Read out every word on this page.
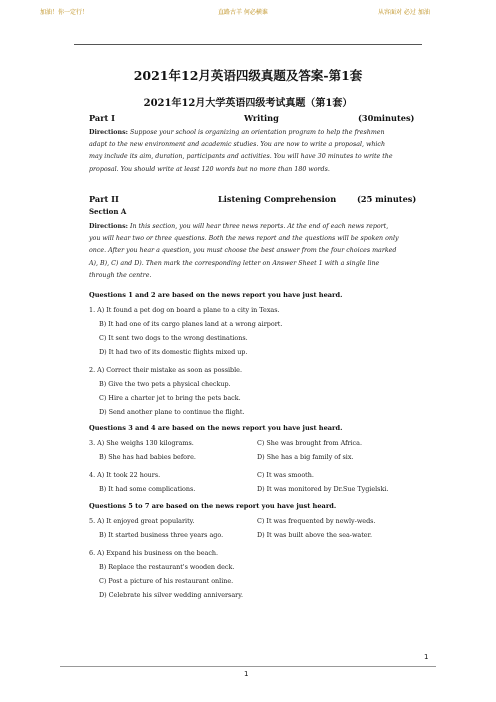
加油！你一定行！	直路古羊 何必横谁	从容面对 必过 加油
2021年12月英语四级真题及答案-第1套
2021年12月大学英语四级考试真题（第1套）
Part I	Writing	(30minutes)
Directions: Suppose your school is organizing an orientation program to help the freshmen
adapt to the new environment and academic studies. You are now to write a proposal, which
may include its aim, duration, participants and activities. You will have 30 minutes to write the
proposal. You should write at least 120 words but no more than 180 words.
Part II	Listening Comprehension	(25 minutes)
Section A
Directions: In this section, you will hear three news reports. At the end of each news report,
you will hear two or three questions. Both the news report and the questions will be spoken only
once. After you hear a question, you must choose the best answer from the four choices marked
A), B), C) and D). Then mark the corresponding letter on Answer Sheet 1 with a single line
through the centre.
Questions 1 and 2 are based on the news report you have just heard.
1. A) It found a pet dog on board a plane to a city in Texas.
B) It had one of its cargo planes land at a wrong airport.
C) It sent two dogs to the wrong destinations.
D) It had two of its domestic flights mixed up.
2. A) Correct their mistake as soon as possible.
B) Give the two pets a physical checkup.
C) Hire a charter jet to bring the pets back.
D) Send another plane to continue the flight.
Questions 3 and 4 are based on the news report you have just heard.
3. A) She weighs 130 kilograms.	C) She was brought from Africa.
B) She has had babies before.	D) She has a big family of six.
4. A) It took 22 hours.	C) It was smooth.
B) It had some complications.	D) It was monitored by Dr.Sue Tygielski.
Questions 5 to 7 are based on the news report you have just heard.
5. A) It enjoyed great popularity.	C) It was frequented by newly-weds.
B) It started business three years ago.	D) It was built above the sea-water.
6. A) Expand his business on the beach.
B) Replace the restaurant's wooden deck.
C) Post a picture of his restaurant online.
D) Celebrate his silver wedding anniversary.
1
1
